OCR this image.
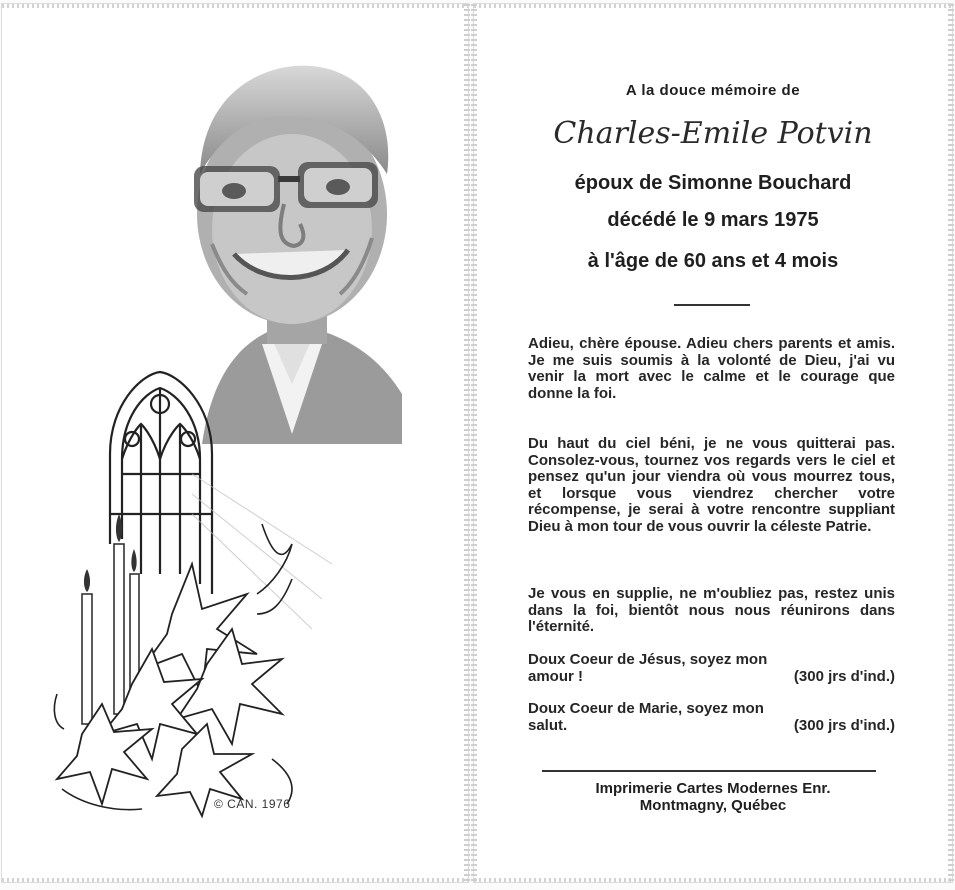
© CAN. 1976
A la douce mémoire de
Charles-Emile Potvin
époux de Simonne Bouchard
décédé le 9 mars 1975
à l'âge de 60 ans et 4 mois
Adieu, chère épouse. Adieu chers parents et amis. Je me suis soumis à la volonté de Dieu, j'ai vu venir la mort avec le calme et le courage que donne la foi.
Du haut du ciel béni, je ne vous quitterai pas. Consolez-vous, tournez vos regards vers le ciel et pensez qu'un jour viendra où vous mourrez tous, et lorsque vous viendrez chercher votre récompense, je serai à votre rencontre suppliant Dieu à mon tour de vous ouvrir la céleste Patrie.
Je vous en supplie, ne m'oubliez pas, restez unis dans la foi, bientôt nous nous réunirons dans l'éternité.
Doux Coeur de Jésus, soyez mon
amour !	(300 jrs d'ind.)
Doux Coeur de Marie, soyez mon
salut.	(300 jrs d'ind.)
Imprimerie Cartes Modernes Enr.
Montmagny, Québec
